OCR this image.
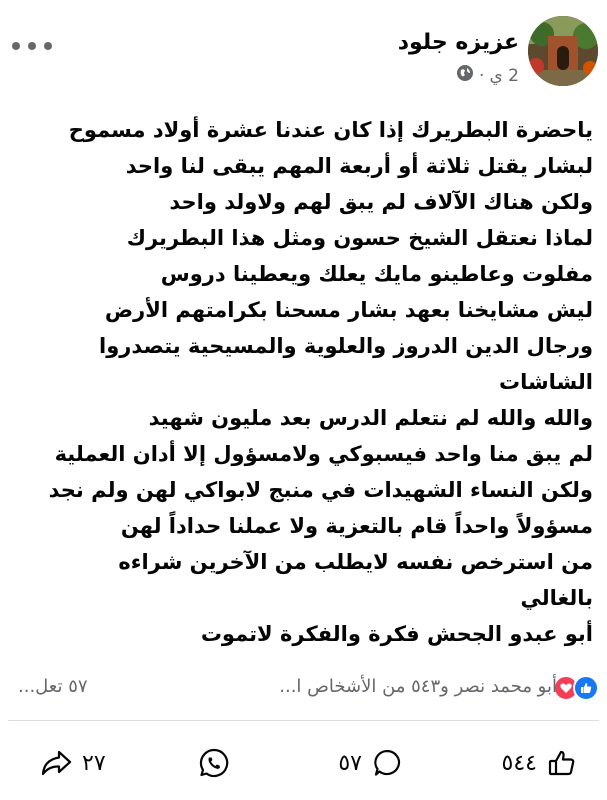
عزيزه جلود
2 ي
·
ياحضرة البطريرك إذا كان عندنا عشرة أولاد مسموح
لبشار يقتل ثلاثة أو أربعة المهم يبقى لنا واحد
ولكن هناك الآلاف لم يبق لهم ولاولد واحد
لماذا نعتقل الشيخ حسون ومثل هذا البطريرك
مفلوت وعاطينو مايك يعلك ويعطينا دروس
ليش مشايخنا بعهد بشار مسحنا بكرامتهم الأرض
ورجال الدين الدروز والعلوية والمسيحية يتصدروا
الشاشات
والله والله لم نتعلم الدرس بعد مليون شهيد
لم يبق منا واحد فيسبوكي ولامسؤول إلا أدان العملية
ولكن النساء الشهيدات في منبج لابواكي لهن ولم نجد
مسؤولاً واحداً قام بالتعزية ولا عملنا حداداً لهن
من استرخص نفسه لايطلب من الآخرين شراءه
بالغالي
أبو عبدو الجحش فكرة والفكرة لاتموت
أبو محمد نصر و٥٤٣ من الأشخاص ا...
٥٧ تعل...
٥٤٤
٥٧
٢٧
